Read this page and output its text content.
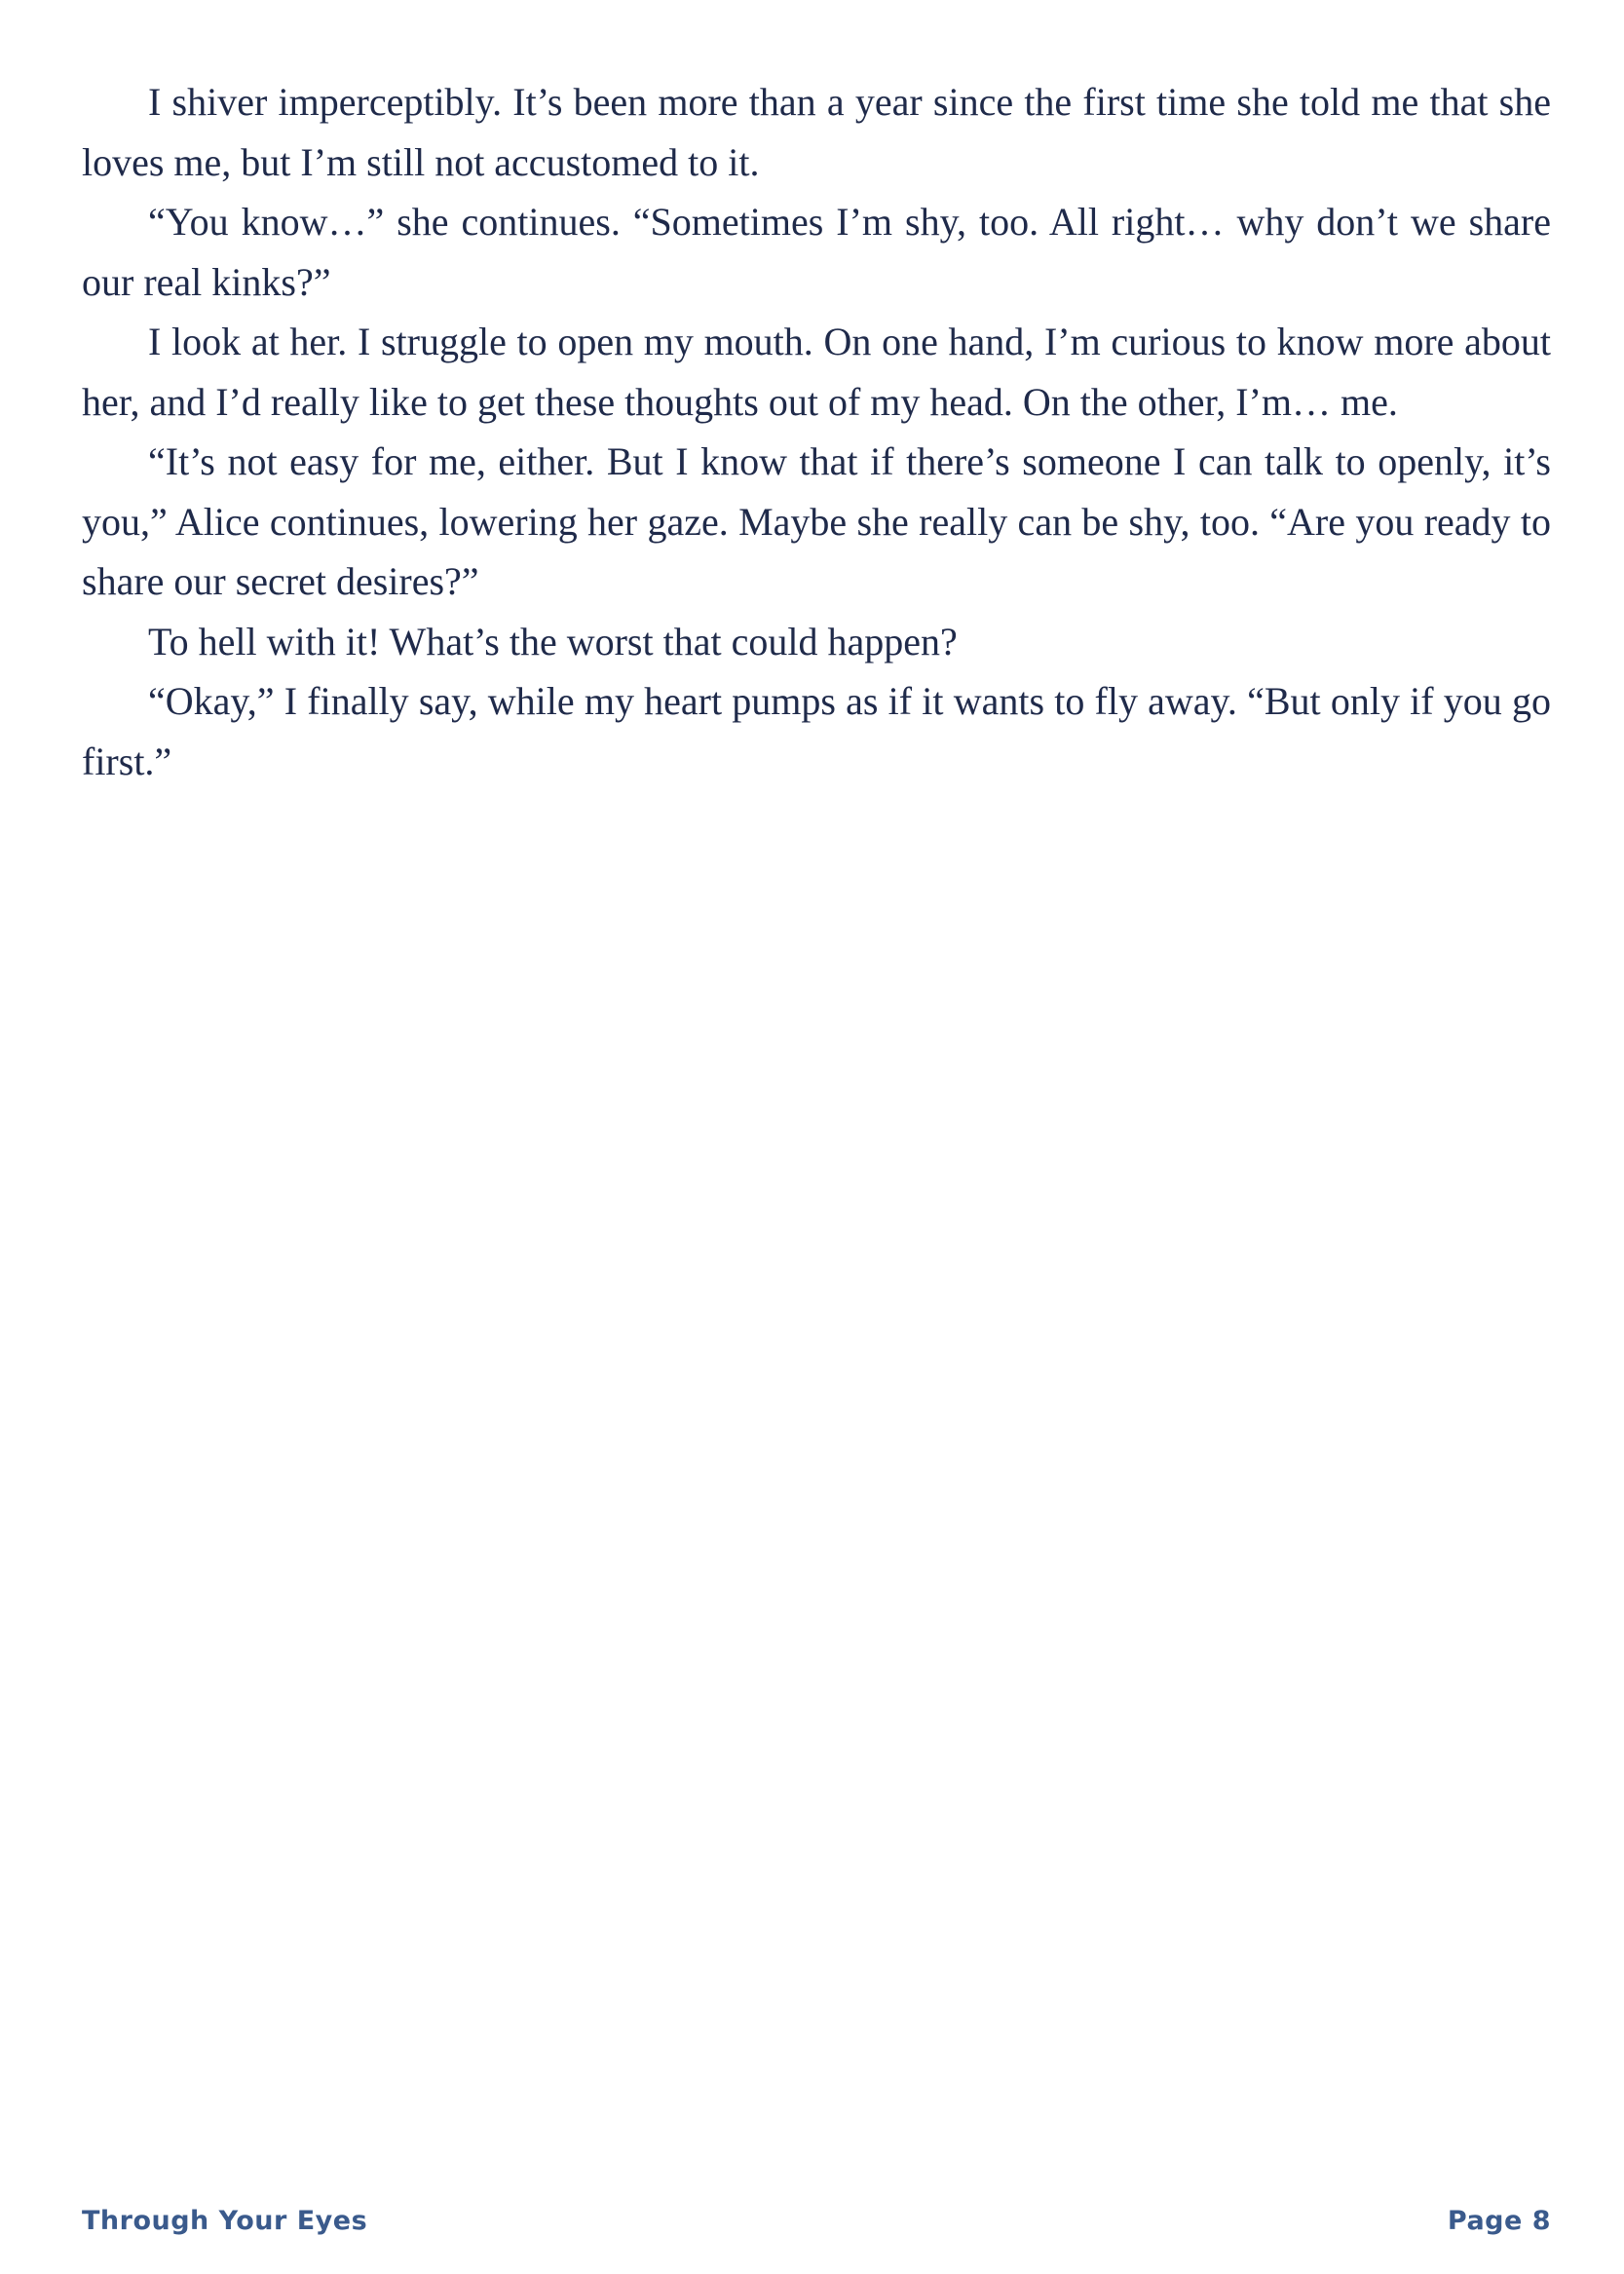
I shiver imperceptibly. It’s been more than a year since the first time she told me that she loves me, but I’m still not accustomed to it.

“You know…” she continues. “Sometimes I’m shy, too. All right… why don’t we share our real kinks?”

I look at her. I struggle to open my mouth. On one hand, I’m curious to know more about her, and I’d really like to get these thoughts out of my head. On the other, I’m… me.

“It’s not easy for me, either. But I know that if there’s someone I can talk to openly, it’s you,” Alice continues, lowering her gaze. Maybe she really can be shy, too. “Are you ready to share our secret desires?”

To hell with it! What’s the worst that could happen?

“Okay,” I finally say, while my heart pumps as if it wants to fly away. “But only if you go first.”

Through Your Eyes	Page 8
